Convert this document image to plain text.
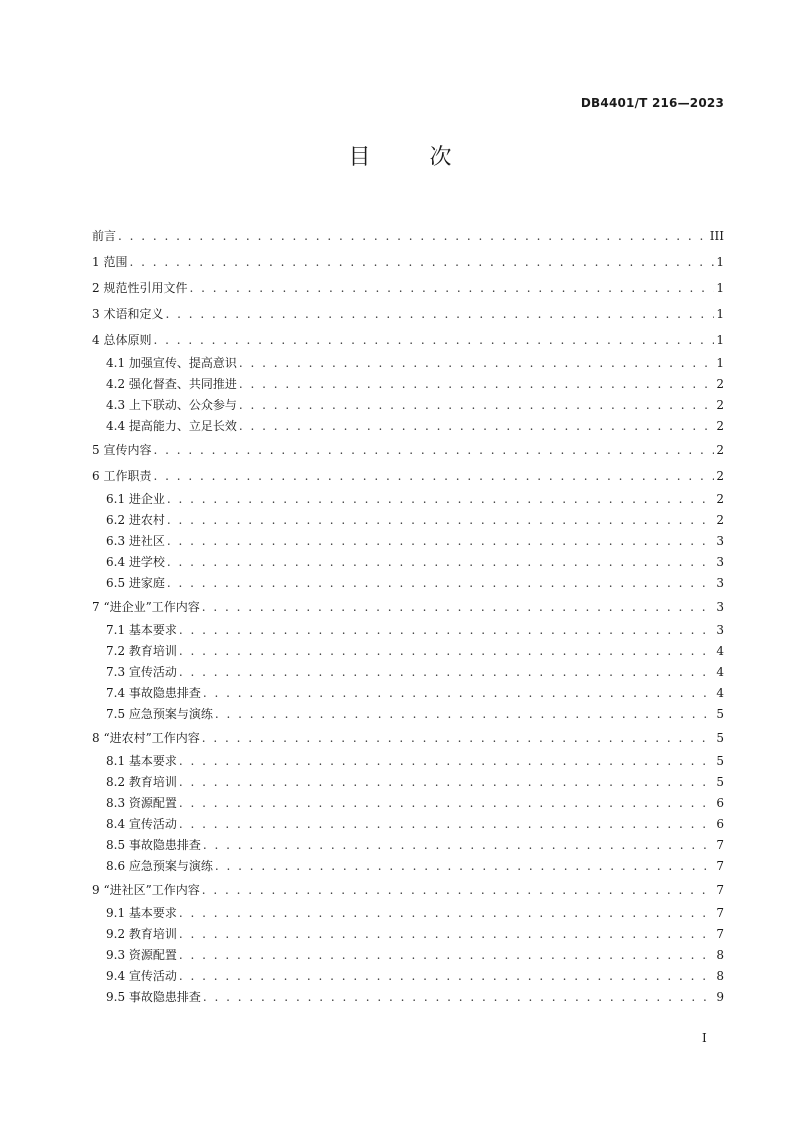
DB4401/T 216—2023
目 次
前言 . . .	III
1 范围 . . .	1
2 规范性引用文件 . . .	1
3 术语和定义 . . .	1
4 总体原则 . . .	1
4.1 加强宣传、提高意识 . . .	1
4.2 强化督查、共同推进 . . .	2
4.3 上下联动、公众参与 . . .	2
4.4 提高能力、立足长效 . . .	2
5 宣传内容 . . .	2
6 工作职责 . . .	2
6.1 进企业 . . .	2
6.2 进农村 . . .	2
6.3 进社区 . . .	3
6.4 进学校 . . .	3
6.5 进家庭 . . .	3
7 “进企业”工作内容 . . .	3
7.1 基本要求 . . .	3
7.2 教育培训 . . .	4
7.3 宣传活动 . . .	4
7.4 事故隐患排查 . . .	4
7.5 应急预案与演练 . . .	5
8 “进农村”工作内容 . . .	5
8.1 基本要求 . . .	5
8.2 教育培训 . . .	5
8.3 资源配置 . . .	6
8.4 宣传活动 . . .	6
8.5 事故隐患排查 . . .	7
8.6 应急预案与演练 . . .	7
9 “进社区”工作内容 . . .	7
9.1 基本要求 . . .	7
9.2 教育培训 . . .	7
9.3 资源配置 . . .	8
9.4 宣传活动 . . .	8
9.5 事故隐患排查 . . .	9
I
